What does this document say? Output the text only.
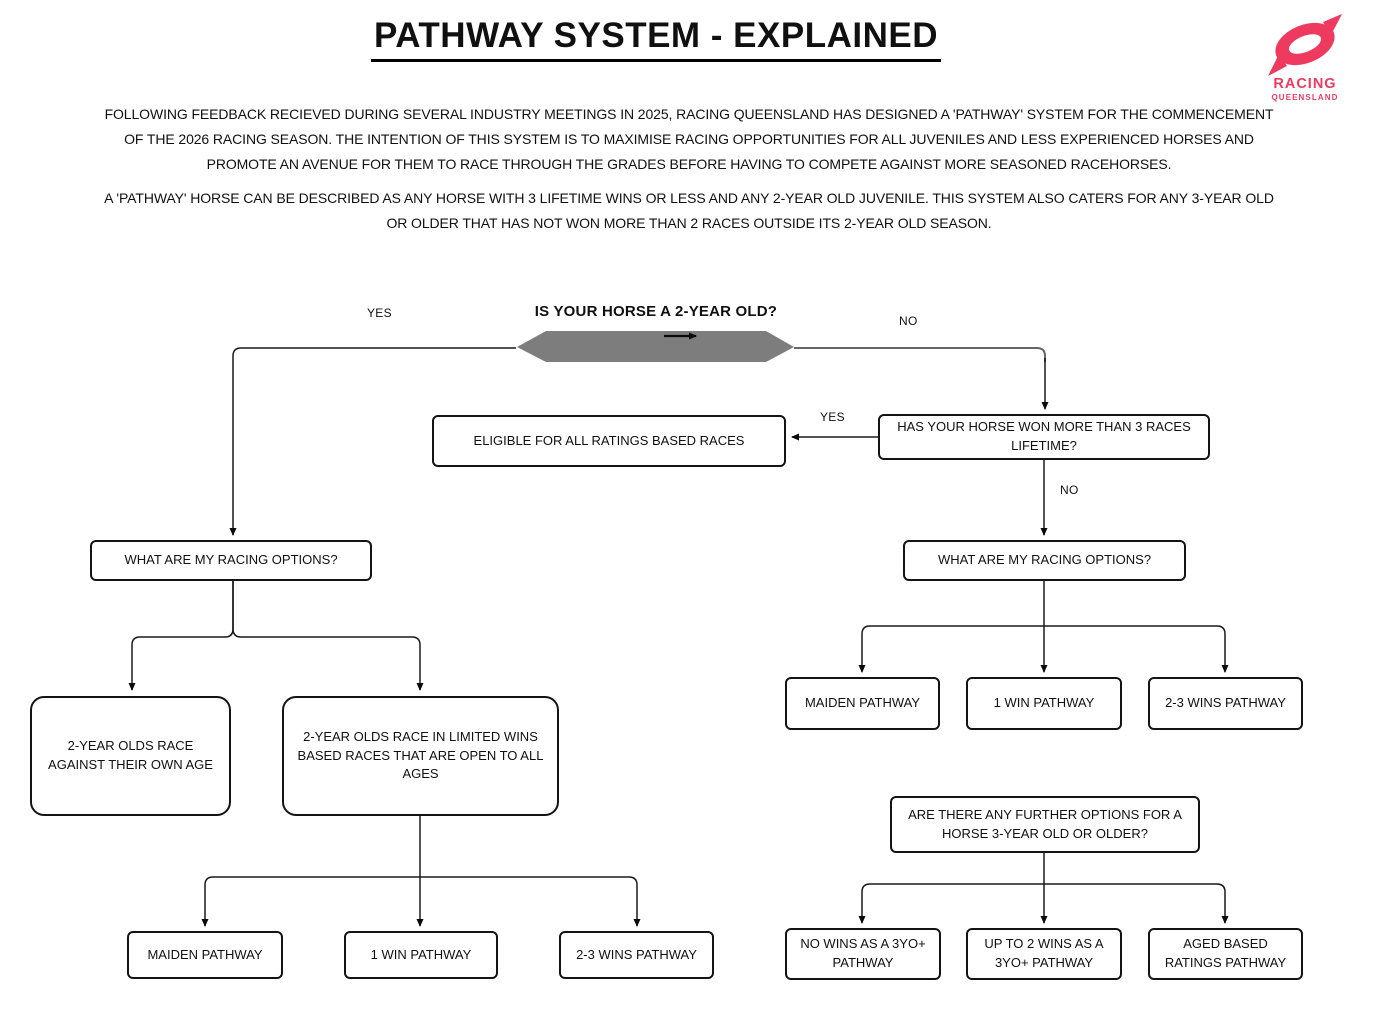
PATHWAY SYSTEM - EXPLAINED
RACING
QUEENSLAND

FOLLOWING FEEDBACK RECIEVED DURING SEVERAL INDUSTRY MEETINGS IN 2025, RACING QUEENSLAND HAS DESIGNED A 'PATHWAY' SYSTEM FOR THE COMMENCEMENT OF THE 2026 RACING SEASON. THE INTENTION OF THIS SYSTEM IS TO MAXIMISE RACING OPPORTUNITIES FOR ALL JUVENILES AND LESS EXPERIENCED HORSES AND PROMOTE AN AVENUE FOR THEM TO RACE THROUGH THE GRADES BEFORE HAVING TO COMPETE AGAINST MORE SEASONED RACEHORSES.

A 'PATHWAY' HORSE CAN BE DESCRIBED AS ANY HORSE WITH 3 LIFETIME WINS OR LESS AND ANY 2-YEAR OLD JUVENILE. THIS SYSTEM ALSO CATERS FOR ANY 3-YEAR OLD OR OLDER THAT HAS NOT WON MORE THAN 2 RACES OUTSIDE ITS 2-YEAR OLD SEASON.

IS YOUR HORSE A 2-YEAR OLD?
YES
NO
YES
NO
ELIGIBLE FOR ALL RATINGS BASED RACES
HAS YOUR HORSE WON MORE THAN 3 RACES LIFETIME?
WHAT ARE MY RACING OPTIONS?	WHAT ARE MY RACING OPTIONS?
2-YEAR OLDS RACE AGAINST THEIR OWN AGE
2-YEAR OLDS RACE IN LIMITED WINS BASED RACES THAT ARE OPEN TO ALL AGES
MAIDEN PATHWAY	1 WIN PATHWAY	2-3 WINS PATHWAY
MAIDEN PATHWAY	1 WIN PATHWAY	2-3 WINS PATHWAY
ARE THERE ANY FURTHER OPTIONS FOR A HORSE 3-YEAR OLD OR OLDER?
NO WINS AS A 3YO+ PATHWAY
UP TO 2 WINS AS A 3YO+ PATHWAY
AGED BASED RATINGS PATHWAY
